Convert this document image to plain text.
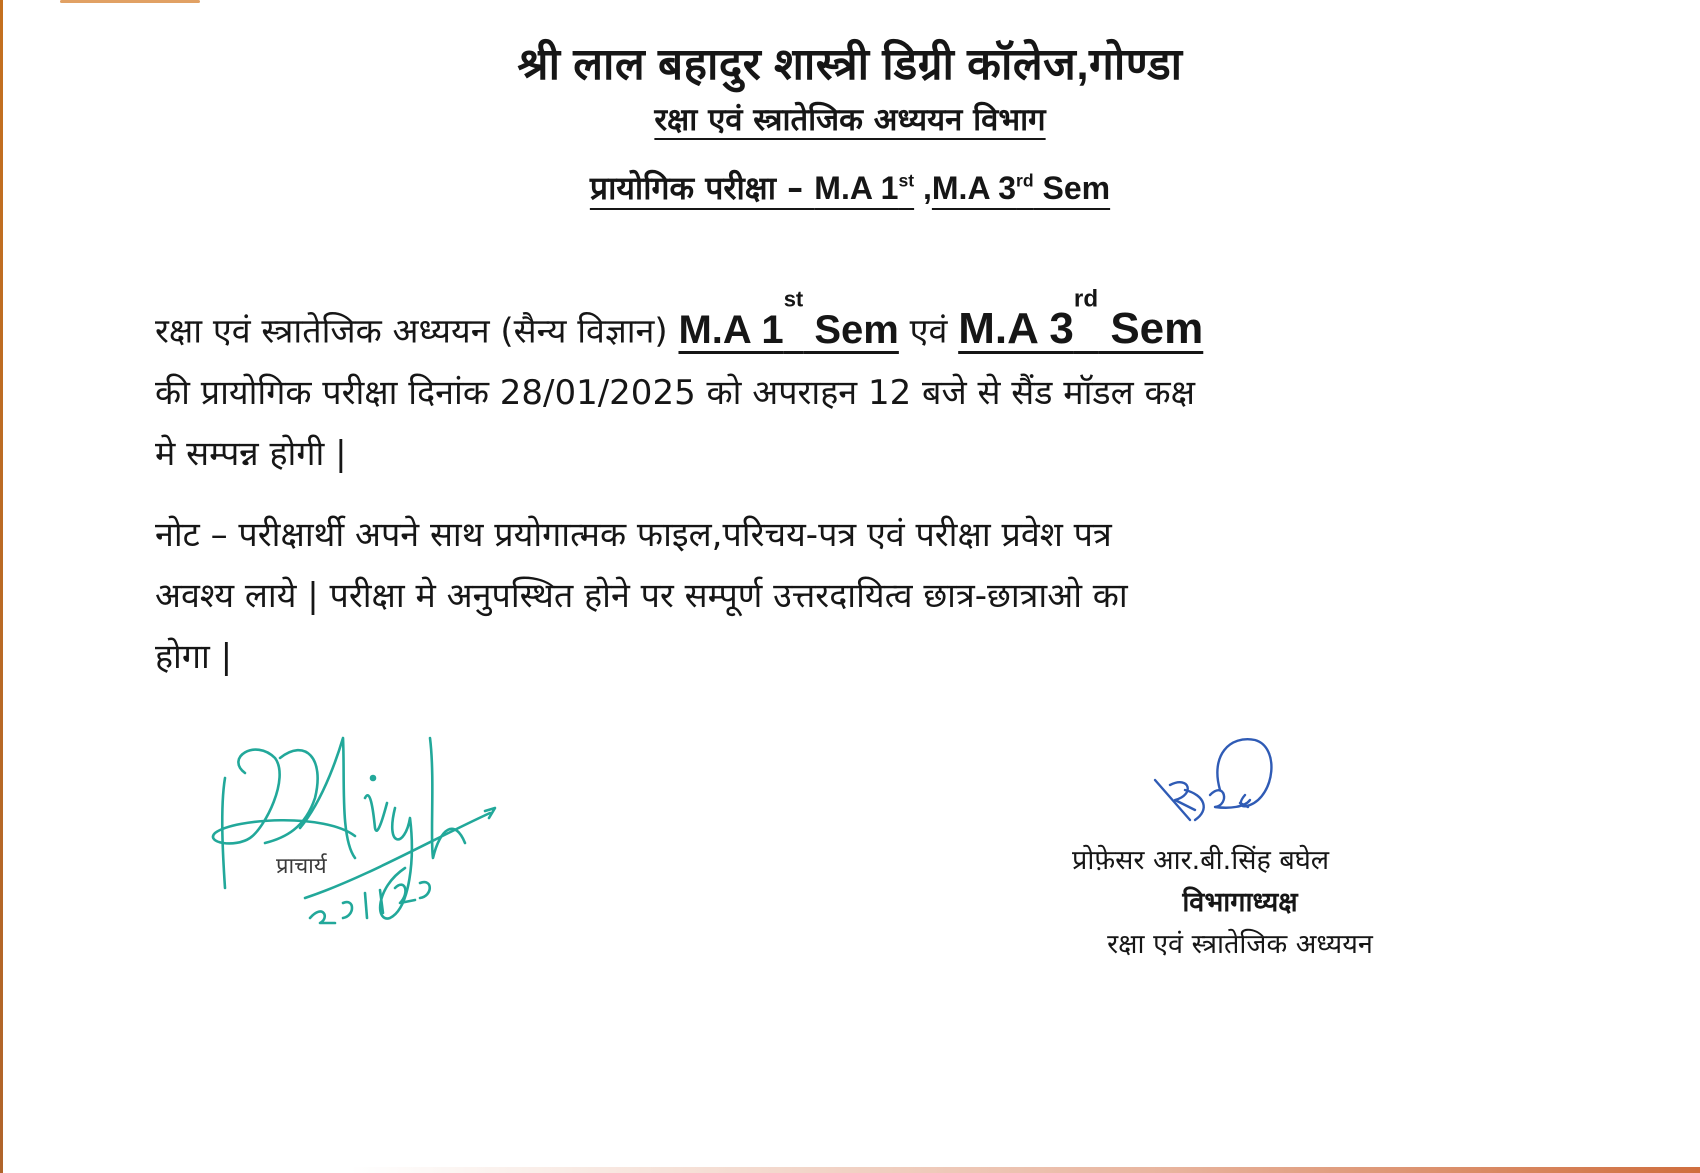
श्री लाल बहादुर शास्त्री डिग्री कॉलेज,गोण्डा
रक्षा एवं स्त्रातेजिक अध्ययन विभाग
प्रायोगिक परीक्षा – M.A 1st ,M.A 3rd Sem
रक्षा एवं स्त्रातेजिक अध्ययन (सैन्य विज्ञान) M.A 1st Sem एवं M.A 3rd Sem
की प्रायोगिक परीक्षा दिनांक 28/01/2025 को अपराहन 12 बजे से सैंड मॉडल कक्ष
मे सम्पन्न होगी |
नोट – परीक्षार्थी अपने साथ प्रयोगात्मक फाइल,परिचय-पत्र एवं परीक्षा प्रवेश पत्र
अवश्य लाये | परीक्षा मे अनुपस्थित होने पर सम्पूर्ण उत्तरदायित्व छात्र-छात्राओ का
होगा |
प्राचार्य	प्रोफ़ेसर आर.बी.सिंह बघेल
विभागाध्यक्ष
रक्षा एवं स्त्रातेजिक अध्ययन
